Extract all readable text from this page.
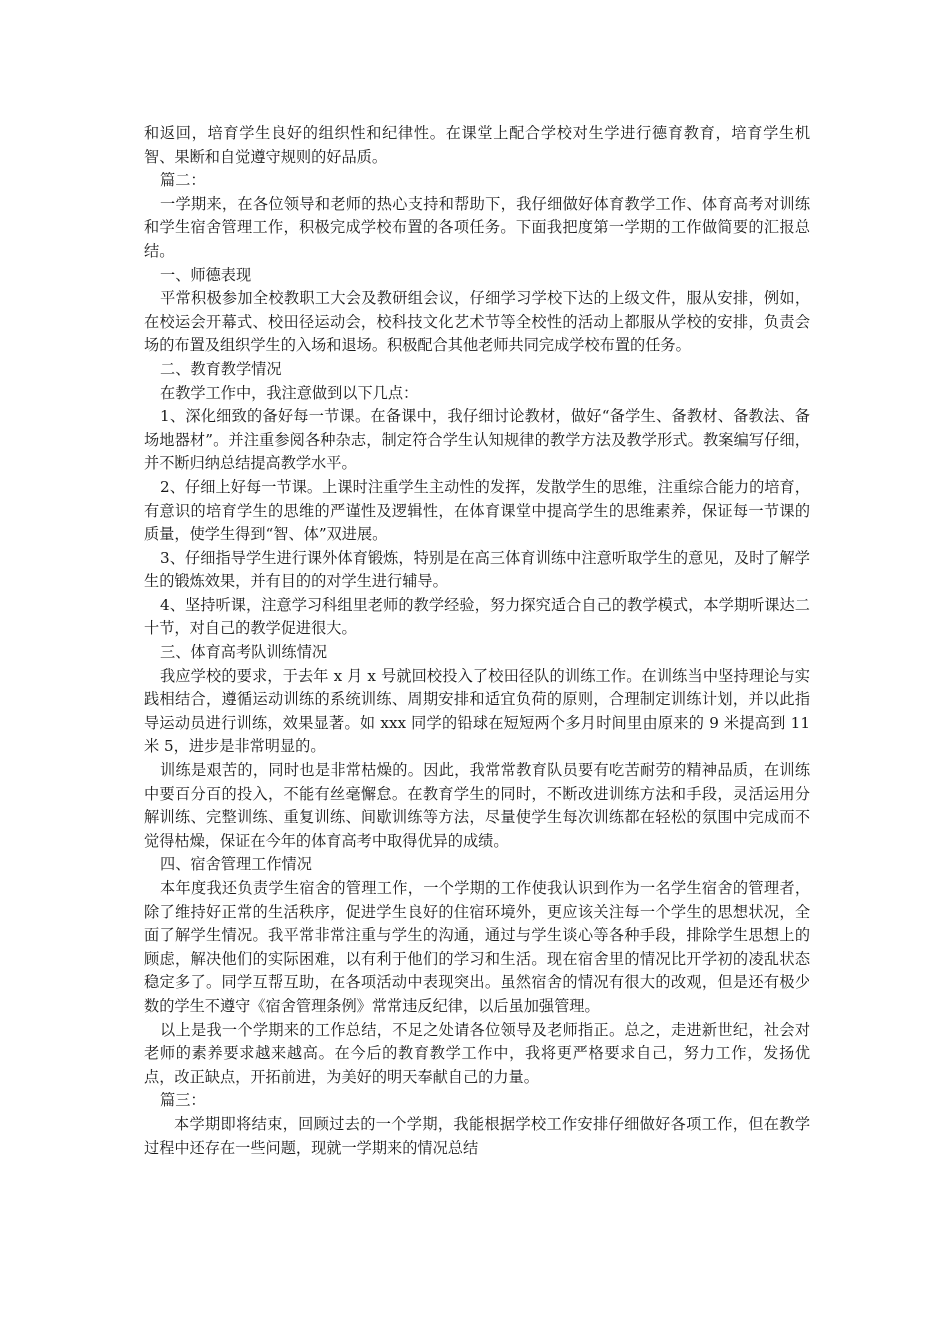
和返回，培育学生良好的组织性和纪律性。在课堂上配合学校对生学进行德育教育，培育学生机智、果断和自觉遵守规则的好品质。

篇二：

一学期来，在各位领导和老师的热心支持和帮助下，我仔细做好体育教学工作、体育高考对训练和学生宿舍管理工作，积极完成学校布置的各项任务。下面我把度第一学期的工作做简要的汇报总结。

一、师德表现

平常积极参加全校教职工大会及教研组会议，仔细学习学校下达的上级文件，服从安排，例如，在校运会开幕式、校田径运动会，校科技文化艺术节等全校性的活动上都服从学校的安排，负责会场的布置及组织学生的入场和退场。积极配合其他老师共同完成学校布置的任务。

二、教育教学情况

在教学工作中，我注意做到以下几点：

1、深化细致的备好每一节课。在备课中，我仔细讨论教材，做好“备学生、备教材、备教法、备场地器材”。并注重参阅各种杂志，制定符合学生认知规律的教学方法及教学形式。教案编写仔细，并不断归纳总结提高教学水平。

2、仔细上好每一节课。上课时注重学生主动性的发挥，发散学生的思维，注重综合能力的培育，有意识的培育学生的思维的严谨性及逻辑性，在体育课堂中提高学生的思维素养，保证每一节课的质量，使学生得到“智、体”双进展。

3、仔细指导学生进行课外体育锻炼，特别是在高三体育训练中注意听取学生的意见，及时了解学生的锻炼效果，并有目的的对学生进行辅导。

4、坚持听课，注意学习科组里老师的教学经验，努力探究适合自己的教学模式，本学期听课达二十节，对自己的教学促进很大。

三、体育高考队训练情况

我应学校的要求，于去年 x 月 x 号就回校投入了校田径队的训练工作。在训练当中坚持理论与实践相结合，遵循运动训练的系统训练、周期安排和适宜负荷的原则，合理制定训练计划，并以此指导运动员进行训练，效果显著。如 xxx 同学的铅球在短短两个多月时间里由原来的 9 米提高到 11 米 5，进步是非常明显的。

训练是艰苦的，同时也是非常枯燥的。因此，我常常教育队员要有吃苦耐劳的精神品质，在训练中要百分百的投入，不能有丝毫懈怠。在教育学生的同时，不断改进训练方法和手段，灵活运用分解训练、完整训练、重复训练、间歇训练等方法，尽量使学生每次训练都在轻松的氛围中完成而不觉得枯燥，保证在今年的体育高考中取得优异的成绩。

四、宿舍管理工作情况

本年度我还负责学生宿舍的管理工作，一个学期的工作使我认识到作为一名学生宿舍的管理者，除了维持好正常的生活秩序，促进学生良好的住宿环境外，更应该关注每一个学生的思想状况，全面了解学生情况。我平常非常注重与学生的沟通，通过与学生谈心等各种手段，排除学生思想上的顾虑，解决他们的实际困难，以有利于他们的学习和生活。现在宿舍里的情况比开学初的凌乱状态稳定多了。同学互帮互助，在各项活动中表现突出。虽然宿舍的情况有很大的改观，但是还有极少数的学生不遵守《宿舍管理条例》常常违反纪律，以后虽加强管理。

以上是我一个学期来的工作总结，不足之处请各位领导及老师指正。总之，走进新世纪，社会对老师的素养要求越来越高。在今后的教育教学工作中，我将更严格要求自己，努力工作，发扬优点，改正缺点，开拓前进，为美好的明天奉献自己的力量。

篇三：

本学期即将结束，回顾过去的一个学期，我能根据学校工作安排仔细做好各项工作，但在教学过程中还存在一些问题，现就一学期来的情况总结
